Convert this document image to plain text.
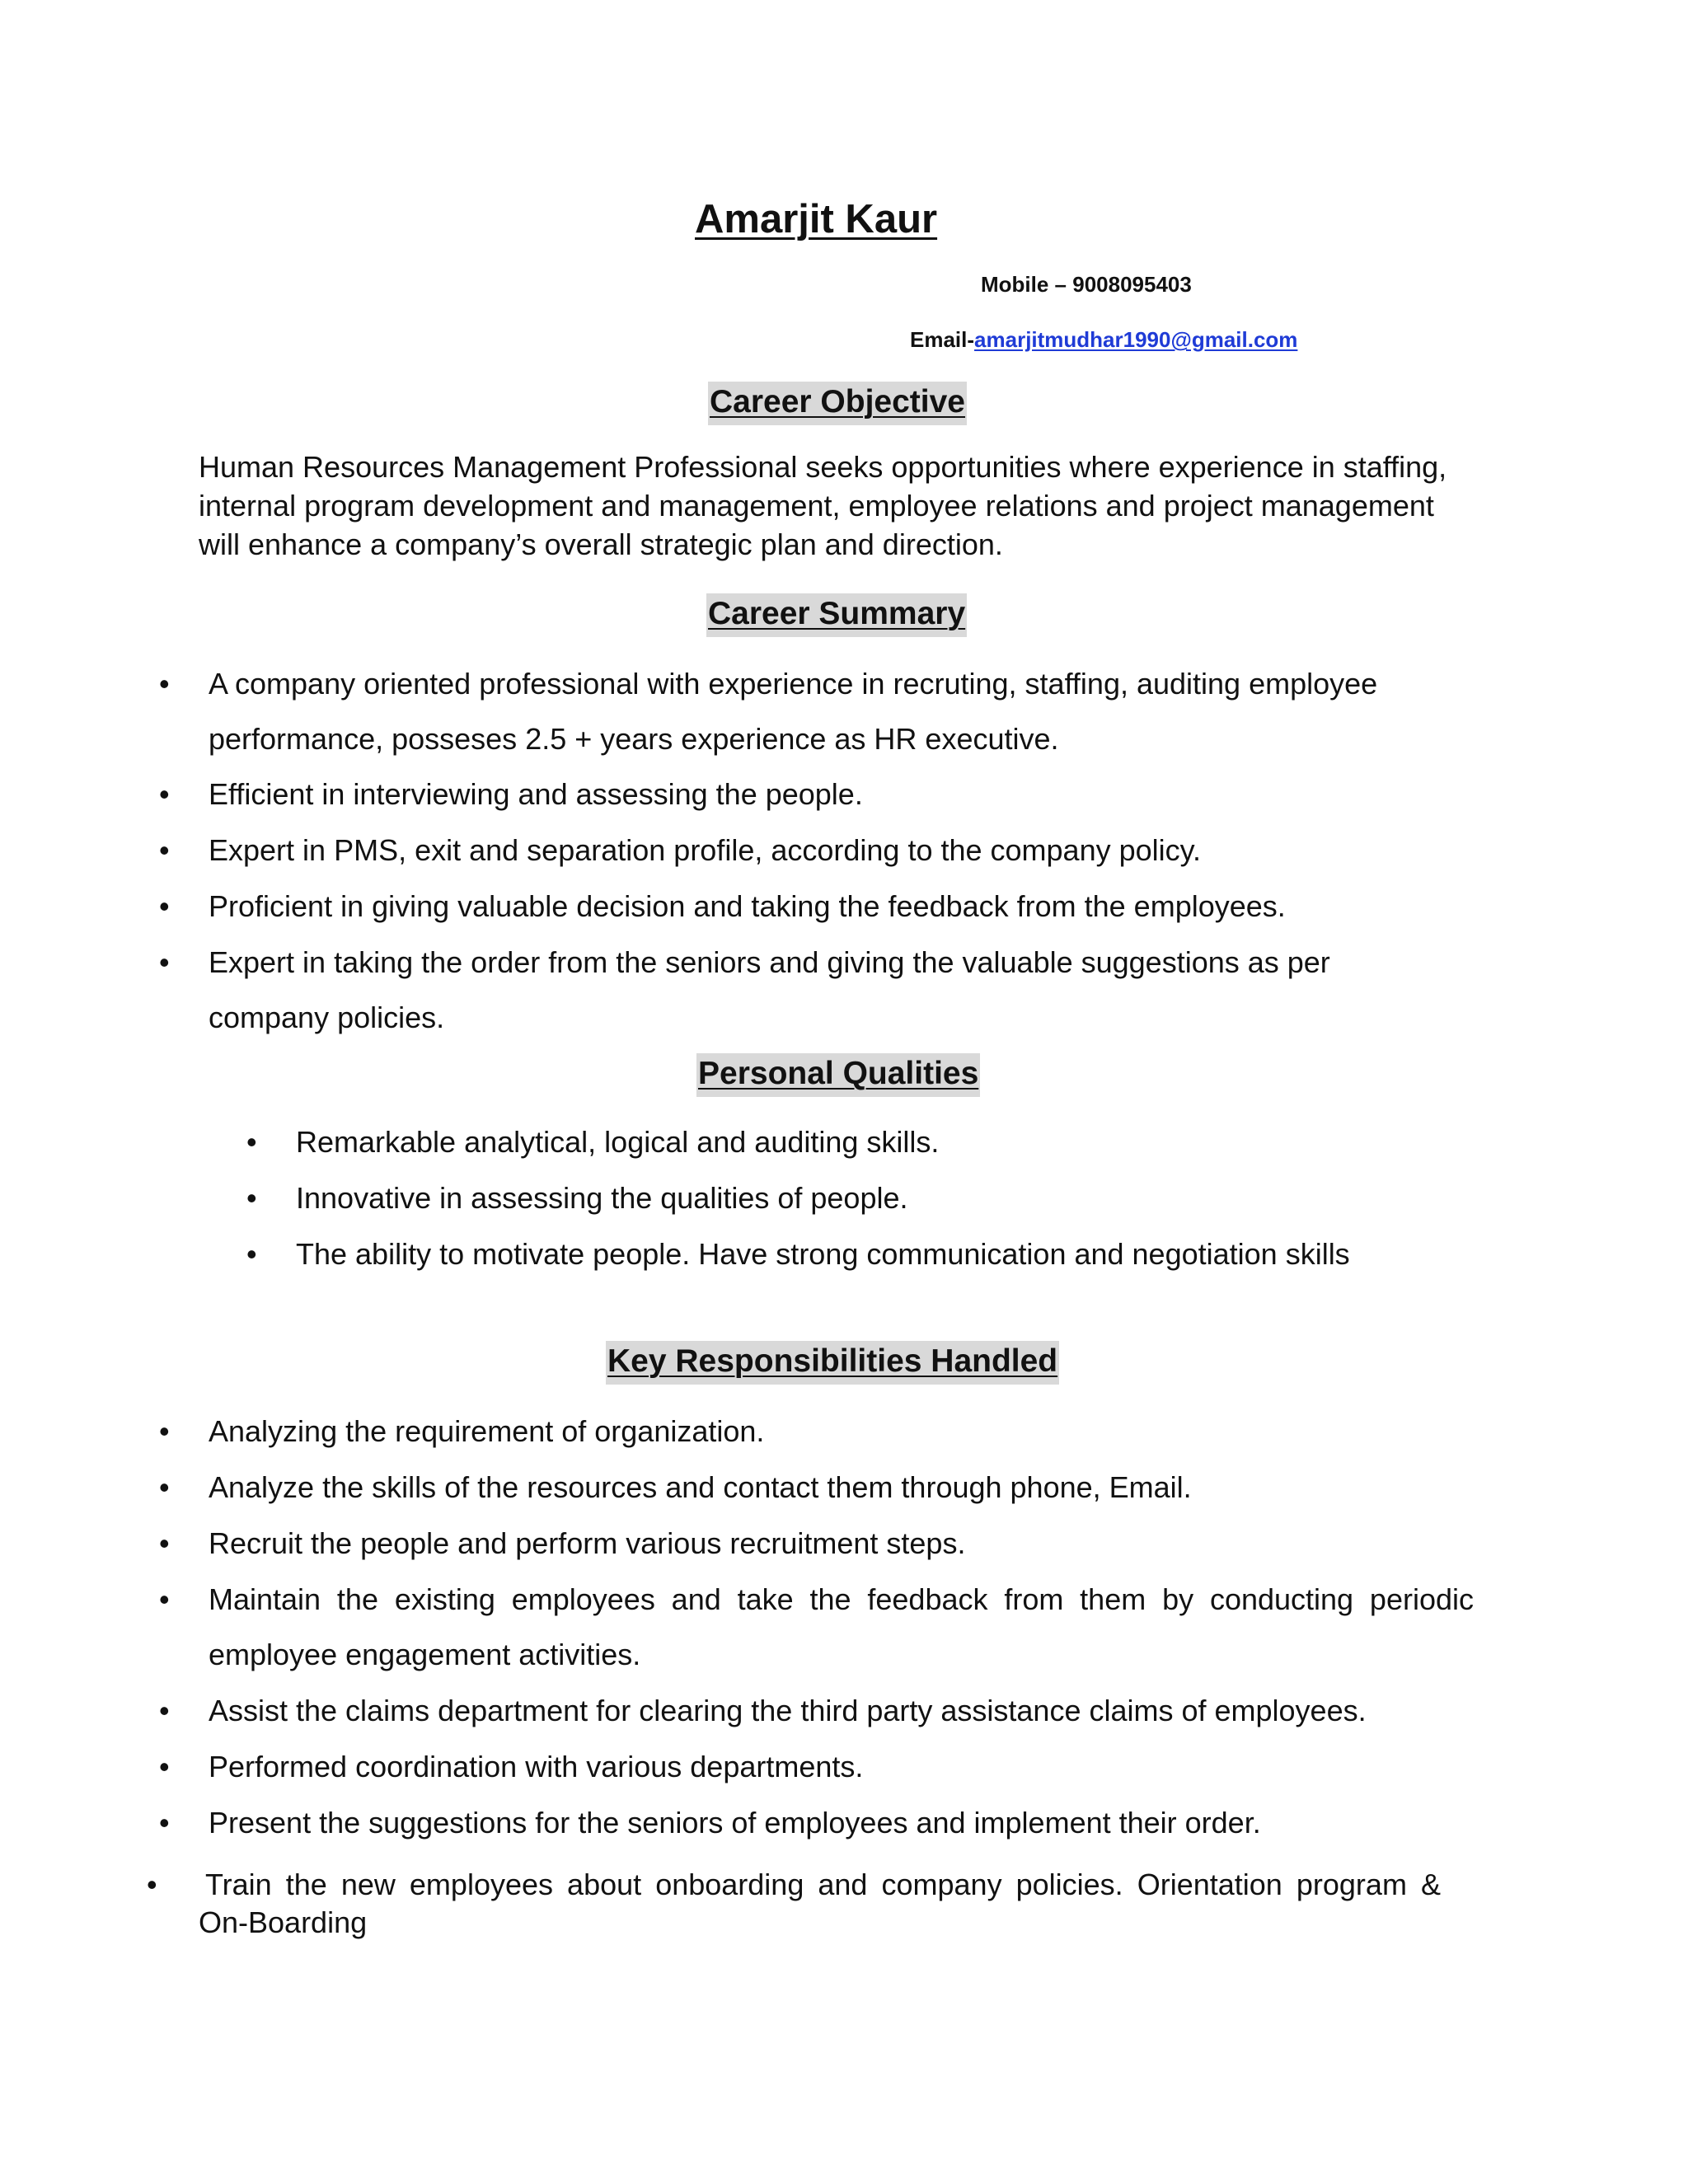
Amarjit Kaur
Mobile – 9008095403
Email-amarjitmudhar1990@gmail.com
Career Objective
Human Resources Management Professional seeks opportunities where experience in staffing,
internal program development and management, employee relations and project management
will enhance a company’s overall strategic plan and direction.
Career Summary
• A company oriented professional with experience in recruting, staffing, auditing employee
performance, posseses 2.5 + years experience as HR executive.
• Efficient in interviewing and assessing the people.
• Expert in PMS, exit and separation profile, according to the company policy.
• Proficient in giving valuable decision and taking the feedback from the employees.
• Expert in taking the order from the seniors and giving the valuable suggestions as per
company policies.
Personal Qualities
• Remarkable analytical, logical and auditing skills.
• Innovative in assessing the qualities of people.
• The ability to motivate people. Have strong communication and negotiation skills
Key Responsibilities Handled
• Analyzing the requirement of organization.
• Analyze the skills of the resources and contact them through phone, Email.
• Recruit the people and perform various recruitment steps.
• Maintain the existing employees and take the feedback from them by conducting periodic
employee engagement activities.
• Assist the claims department for clearing the third party assistance claims of employees.
• Performed coordination with various departments.
• Present the suggestions for the seniors of employees and implement their order.
• Train the new employees about onboarding and company policies. Orientation program &
On-Boarding
